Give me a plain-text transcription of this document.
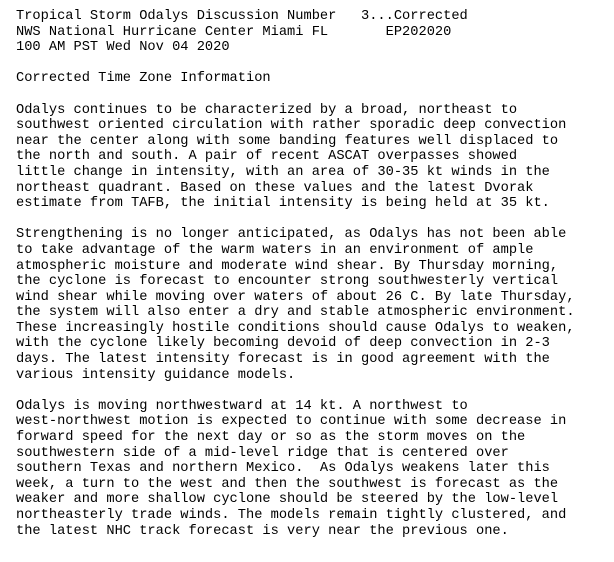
Tropical Storm Odalys Discussion Number   3...Corrected
NWS National Hurricane Center Miami FL       EP202020
100 AM PST Wed Nov 04 2020
Corrected Time Zone Information
Odalys continues to be characterized by a broad, northeast to
southwest oriented circulation with rather sporadic deep convection
near the center along with some banding features well displaced to
the north and south. A pair of recent ASCAT overpasses showed
little change in intensity, with an area of 30-35 kt winds in the
northeast quadrant. Based on these values and the latest Dvorak
estimate from TAFB, the initial intensity is being held at 35 kt.
Strengthening is no longer anticipated, as Odalys has not been able
to take advantage of the warm waters in an environment of ample
atmospheric moisture and moderate wind shear. By Thursday morning,
the cyclone is forecast to encounter strong southwesterly vertical
wind shear while moving over waters of about 26 C. By late Thursday,
the system will also enter a dry and stable atmospheric environment.
These increasingly hostile conditions should cause Odalys to weaken,
with the cyclone likely becoming devoid of deep convection in 2-3
days. The latest intensity forecast is in good agreement with the
various intensity guidance models.
Odalys is moving northwestward at 14 kt. A northwest to
west-northwest motion is expected to continue with some decrease in
forward speed for the next day or so as the storm moves on the
southwestern side of a mid-level ridge that is centered over
southern Texas and northern Mexico.  As Odalys weakens later this
week, a turn to the west and then the southwest is forecast as the
weaker and more shallow cyclone should be steered by the low-level
northeasterly trade winds. The models remain tightly clustered, and
the latest NHC track forecast is very near the previous one.
